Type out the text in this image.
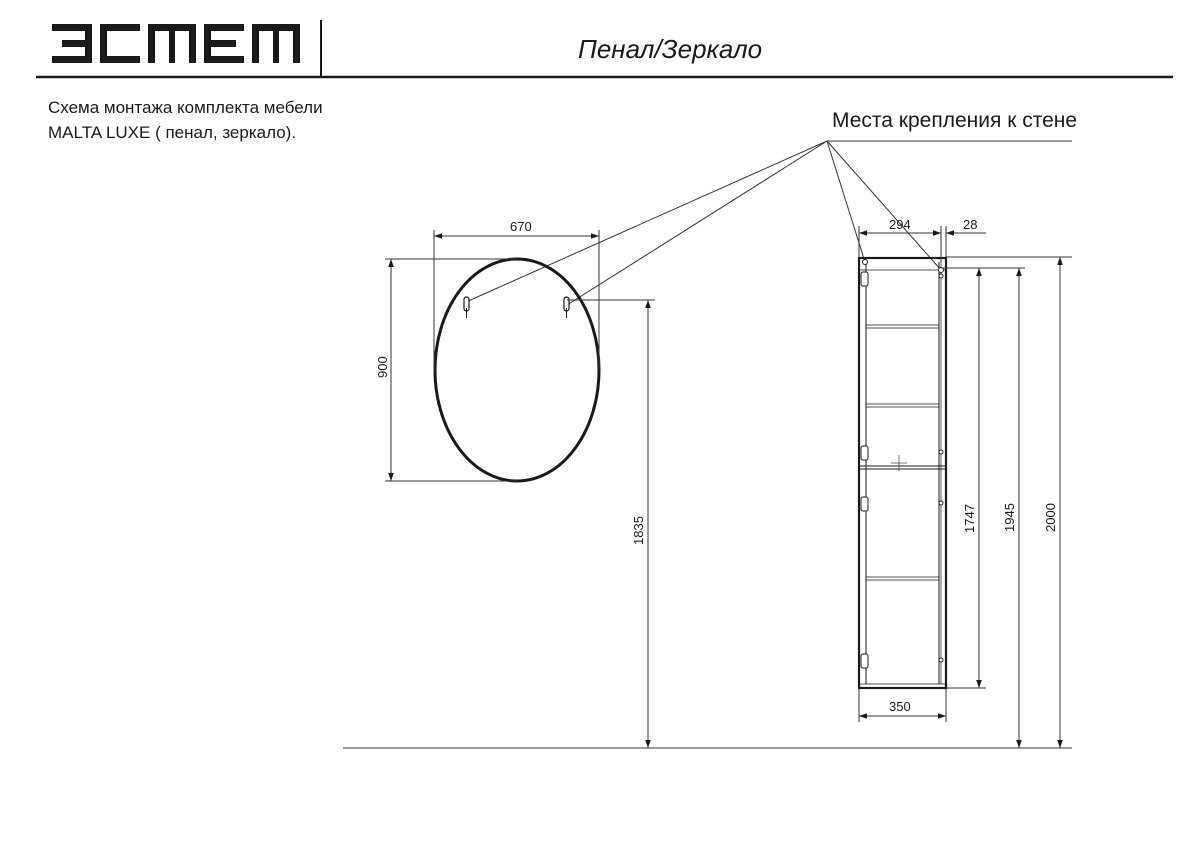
Пенал/Зеркало
Схема монтажа комплекта мебели
MALTA LUXE ( пенал, зеркало).
Места крепления к стене
670
900
1835
294	28
350
1747 1945 2000
